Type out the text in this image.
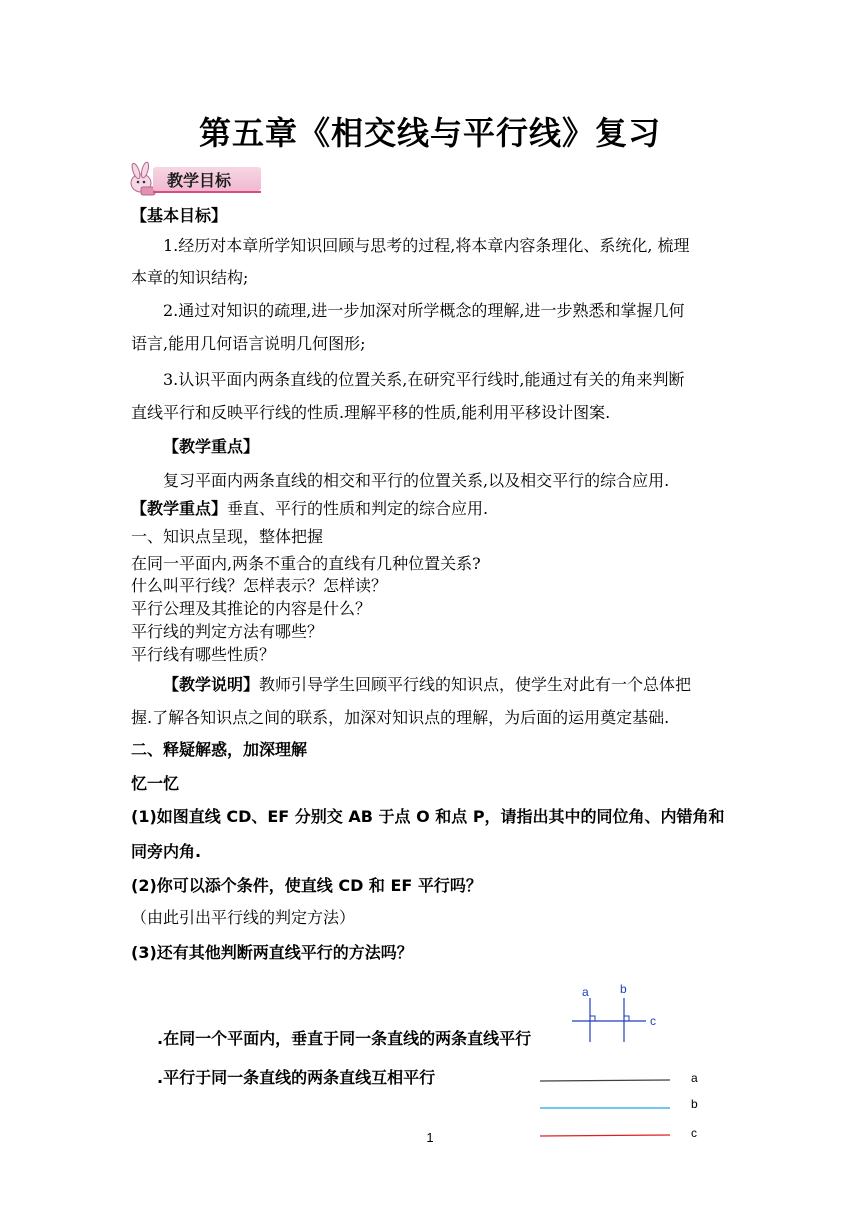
第五章《相交线与平行线》复习
教学目标
【基本目标】
1.经历对本章所学知识回顾与思考的过程,将本章内容条理化、系统化, 梳理
本章的知识结构;
2.通过对知识的疏理,进一步加深对所学概念的理解,进一步熟悉和掌握几何
语言,能用几何语言说明几何图形;
3.认识平面内两条直线的位置关系,在研究平行线时,能通过有关的角来判断
直线平行和反映平行线的性质.理解平移的性质,能利用平移设计图案.
【教学重点】
复习平面内两条直线的相交和平行的位置关系,以及相交平行的综合应用.
【教学重点】垂直、平行的性质和判定的综合应用.
一、知识点呈现，整体把握
在同一平面内,两条不重合的直线有几种位置关系?
什么叫平行线？怎样表示？怎样读？
平行公理及其推论的内容是什么？
平行线的判定方法有哪些？
平行线有哪些性质？
【教学说明】教师引导学生回顾平行线的知识点，使学生对此有一个总体把
握.了解各知识点之间的联系，加深对知识点的理解，为后面的运用奠定基础.
二、释疑解惑，加深理解
忆一忆
(1)如图直线 CD、EF 分别交 AB 于点 O 和点 P，请指出其中的同位角、内错角和
同旁内角.
(2)你可以添个条件，使直线 CD 和 EF 平行吗？
（由此引出平行线的判定方法）
(3)还有其他判断两直线平行的方法吗？
.在同一个平面内，垂直于同一条直线的两条直线平行
.平行于同一条直线的两条直线互相平行
a	b
c
a
b
c
1
